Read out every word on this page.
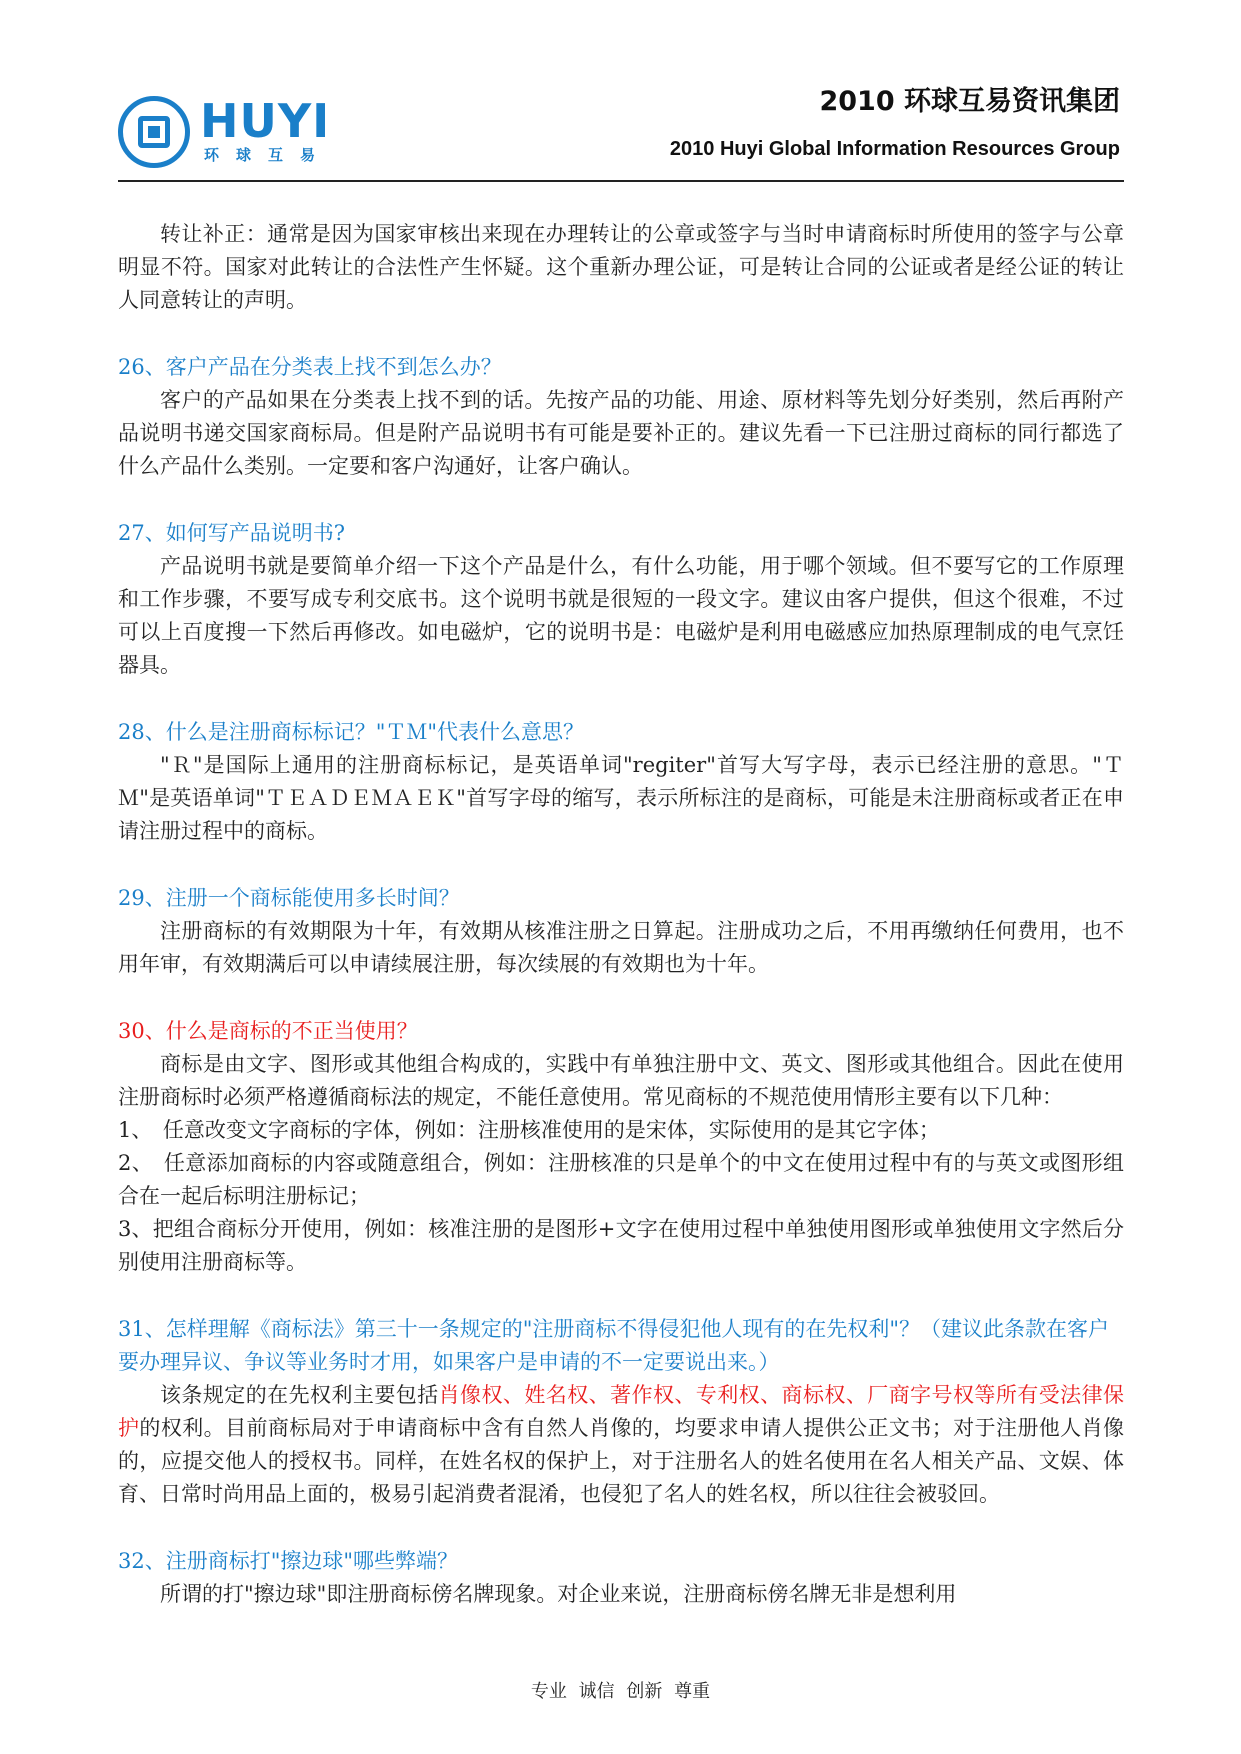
HUYI
环球互易
2010 环球互易资讯集团
2010 Huyi Global Information Resources Group

转让补正：通常是因为国家审核出来现在办理转让的公章或签字与当时申请商标时所使用的签字与公章明显不符。国家对此转让的合法性产生怀疑。这个重新办理公证，可是转让合同的公证或者是经公证的转让人同意转让的声明。

26、客户产品在分类表上找不到怎么办？

客户的产品如果在分类表上找不到的话。先按产品的功能、用途、原材料等先划分好类别，然后再附产品说明书递交国家商标局。但是附产品说明书有可能是要补正的。建议先看一下已注册过商标的同行都选了什么产品什么类别。一定要和客户沟通好，让客户确认。

27、如何写产品说明书?

产品说明书就是要简单介绍一下这个产品是什么，有什么功能，用于哪个领域。但不要写它的工作原理和工作步骤，不要写成专利交底书。这个说明书就是很短的一段文字。建议由客户提供，但这个很难，不过可以上百度搜一下然后再修改。如电磁炉，它的说明书是：电磁炉是利用电磁感应加热原理制成的电气烹饪器具。

28、什么是注册商标标记？"ＴＭ"代表什么意思？

"Ｒ"是国际上通用的注册商标标记，是英语单词"regiter"首写大写字母，表示已经注册的意思。"ＴＭ"是英语单词"ＴＥＡＤＥＭＡＥＫ"首写字母的缩写，表示所标注的是商标，可能是未注册商标或者正在申请注册过程中的商标。

29、注册一个商标能使用多长时间？

注册商标的有效期限为十年，有效期从核准注册之日算起。注册成功之后，不用再缴纳任何费用，也不用年审，有效期满后可以申请续展注册，每次续展的有效期也为十年。

30、什么是商标的不正当使用？

商标是由文字、图形或其他组合构成的，实践中有单独注册中文、英文、图形或其他组合。因此在使用注册商标时必须严格遵循商标法的规定，不能任意使用。常见商标的不规范使用情形主要有以下几种：

1、　任意改变文字商标的字体，例如：注册核准使用的是宋体，实际使用的是其它字体；

2、　任意添加商标的内容或随意组合，例如：注册核准的只是单个的中文在使用过程中有的与英文或图形组合在一起后标明注册标记；

3、把组合商标分开使用，例如：核准注册的是图形+文字在使用过程中单独使用图形或单独使用文字然后分别使用注册商标等。

31、怎样理解《商标法》第三十一条规定的"注册商标不得侵犯他人现有的在先权利"？（建议此条款在客户要办理异议、争议等业务时才用，如果客户是申请的不一定要说出来。）

该条规定的在先权利主要包括肖像权、姓名权、著作权、专利权、商标权、厂商字号权等所有受法律保护的权利。目前商标局对于申请商标中含有自然人肖像的，均要求申请人提供公正文书；对于注册他人肖像的，应提交他人的授权书。同样，在姓名权的保护上，对于注册名人的姓名使用在名人相关产品、文娱、体育、日常时尚用品上面的，极易引起消费者混淆，也侵犯了名人的姓名权，所以往往会被驳回。

32、注册商标打"擦边球"哪些弊端？

所谓的打"擦边球"即注册商标傍名牌现象。对企业来说，注册商标傍名牌无非是想利用

专业 诚信 创新 尊重
